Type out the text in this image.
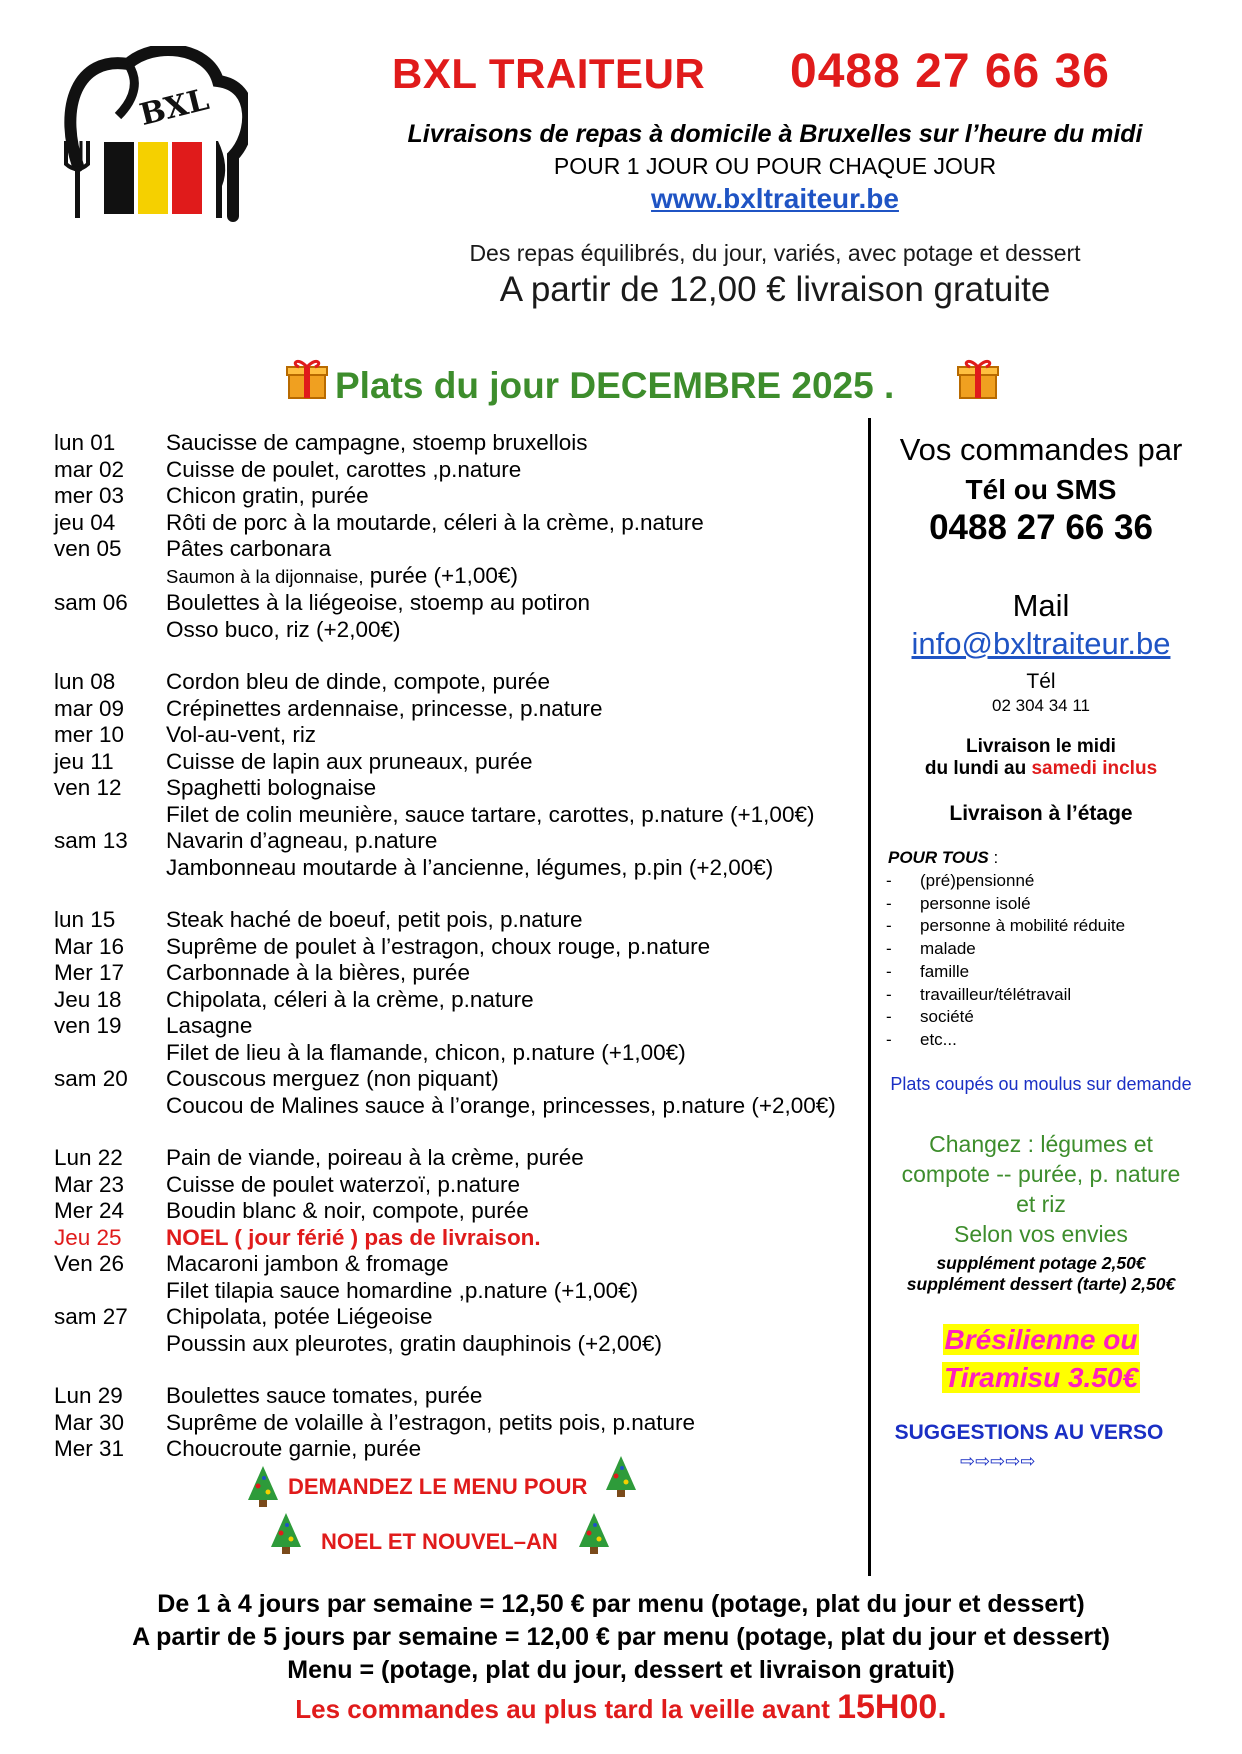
BXL
BXL TRAITEUR 0488 27 66 36
Livraisons de repas à domicile à Bruxelles sur l’heure du midi
POUR 1 JOUR OU POUR CHAQUE JOUR
www.bxltraiteur.be
Des repas équilibrés, du jour, variés, avec potage et dessert
A partir de 12,00 € livraison gratuite
Plats du jour DECEMBRE 2025 .
lun 01	Saucisse de campagne, stoemp bruxellois
mar 02	Cuisse de poulet, carottes ,p.nature
mer 03	Chicon gratin, purée
jeu 04	Rôti de porc à la moutarde, céleri à la crème, p.nature
ven 05	Pâtes carbonara
Saumon à la dijonnaise, purée (+1,00€)
sam 06	Boulettes à la liégeoise, stoemp au potiron
Osso buco, riz (+2,00€)
lun 08	Cordon bleu de dinde, compote, purée
mar 09	Crépinettes ardennaise, princesse, p.nature
mer 10	Vol-au-vent, riz
jeu 11	Cuisse de lapin aux pruneaux, purée
ven 12	Spaghetti bolognaise
Filet de colin meunière, sauce tartare, carottes, p.nature (+1,00€)
sam 13	Navarin d’agneau, p.nature
Jambonneau moutarde à l’ancienne, légumes, p.pin (+2,00€)
lun 15	Steak haché de boeuf, petit pois, p.nature
Mar 16	Suprême de poulet à l’estragon, choux rouge, p.nature
Mer 17	Carbonnade à la bières, purée
Jeu 18	Chipolata, céleri à la crème, p.nature
ven 19	Lasagne
Filet de lieu à la flamande, chicon, p.nature (+1,00€)
sam 20	Couscous merguez (non piquant)
Coucou de Malines sauce à l’orange, princesses, p.nature (+2,00€)
Lun 22	Pain de viande, poireau à la crème, purée
Mar 23	Cuisse de poulet waterzoï, p.nature
Mer 24	Boudin blanc & noir, compote, purée
Jeu 25	NOEL ( jour férié ) pas de livraison.
Ven 26	Macaroni jambon & fromage
Filet tilapia sauce homardine ,p.nature (+1,00€)
sam 27	Chipolata, potée Liégeoise
Poussin aux pleurotes, gratin dauphinois (+2,00€)
Lun 29	Boulettes sauce tomates, purée
Mar 30	Suprême de volaille à l’estragon, petits pois, p.nature
Mer 31	Choucroute garnie, purée
Vos commandes par
Tél ou SMS
0488 27 66 36
Mail
info@bxltraiteur.be
Tél
02 304 34 11
Livraison le midi
du lundi au samedi inclus
Livraison à l’étage
POUR TOUS :
- (pré)pensionné
- personne isolé
- personne à mobilité réduite
- malade
- famille
- travailleur/télétravail
- société
- etc...
Plats coupés ou moulus sur demande
Changez : légumes et
compote -- purée, p. nature
et riz
Selon vos envies
supplément potage 2,50€
supplément dessert (tarte) 2,50€
Brésilienne ou
Tiramisu 3.50€
SUGGESTIONS AU VERSO
⇨⇨⇨⇨⇨
DEMANDEZ LE MENU POUR
NOEL ET NOUVEL–AN
De 1 à 4 jours par semaine = 12,50 € par menu (potage, plat du jour et dessert)
A partir de 5 jours par semaine = 12,00 € par menu (potage, plat du jour et dessert)
Menu = (potage, plat du jour, dessert et livraison gratuit)
Les commandes au plus tard la veille avant 15H00.
